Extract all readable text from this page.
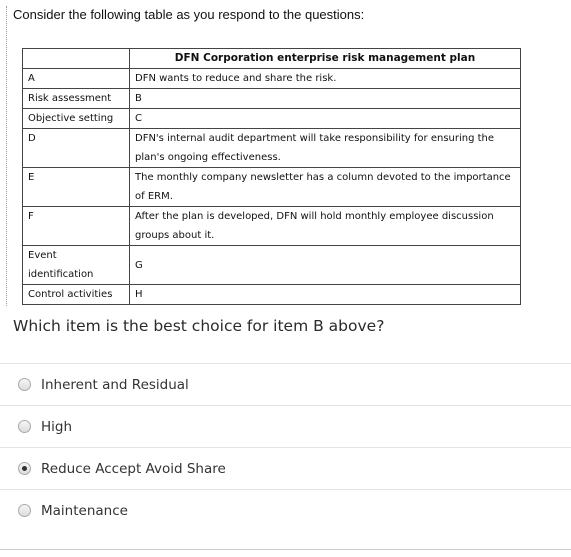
Consider the following table as you respond to the questions:
	DFN Corporation enterprise risk management plan
A	DFN wants to reduce and share the risk.
Risk assessment	B
Objective setting	C
D	DFN's internal audit department will take responsibility for ensuring the plan's ongoing effectiveness.
E	The monthly company newsletter has a column devoted to the importance of ERM.
F	After the plan is developed, DFN will hold monthly employee discussion groups about it.
Event identification	G
Control activities	H
Which item is the best choice for item B above?
Inherent and Residual
High
Reduce Accept Avoid Share
Maintenance
